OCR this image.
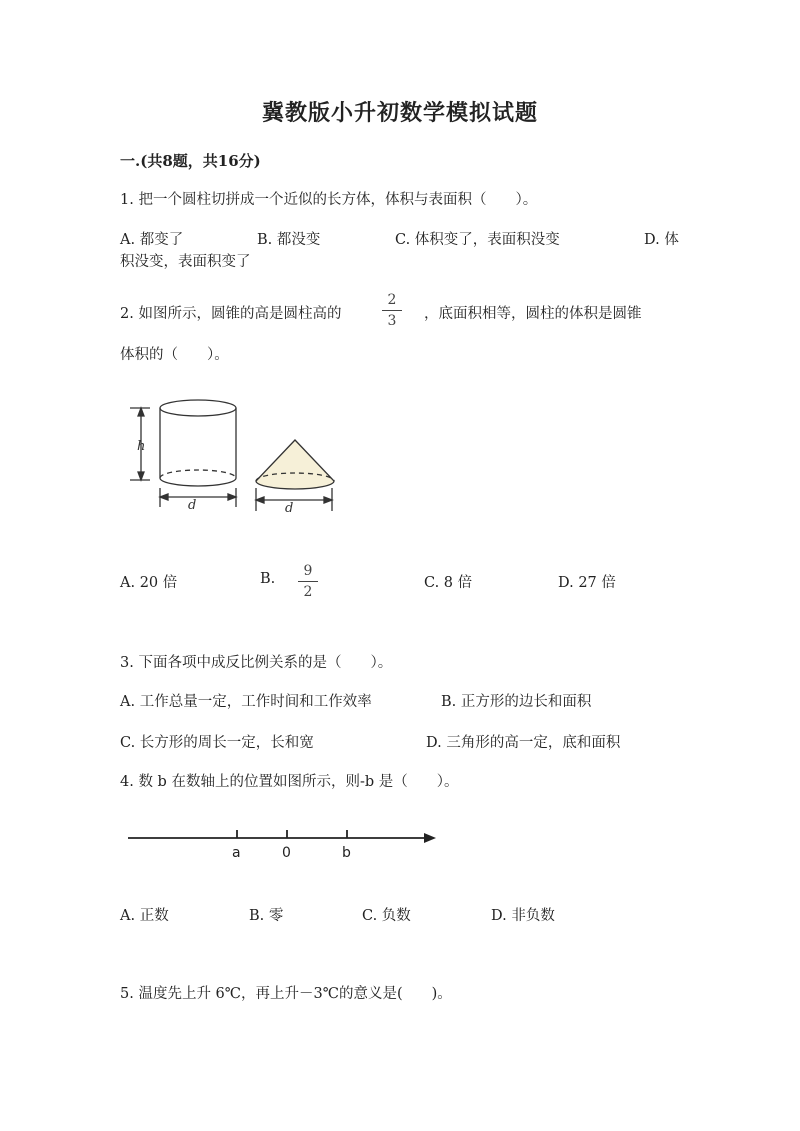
冀教版小升初数学模拟试题
一.(共8题，共16分)
1. 把一个圆柱切拼成一个近似的长方体，体积与表面积（　　）。
A. 都变了	B. 都没变	C. 体积变了，表面积没变	D. 体
积没变，表面积变了
2. 如图所示，圆锥的高是圆柱高的
2
3	，底面积相等，圆柱的体积是圆锥
体积的（　　）。
h
d	d
A. 20 倍	B.	9
2
C. 8 倍	D. 27 倍
3. 下面各项中成反比例关系的是（　　）。
A. 工作总量一定，工作时间和工作效率	B. 正方形的边长和面积
C. 长方形的周长一定，长和宽	D. 三角形的高一定，底和面积
4. 数 b 在数轴上的位置如图所示，则-b 是（　　）。
a	0	b
A. 正数	B. 零	C. 负数	D. 非负数
5. 温度先上升 6℃，再上升－3℃的意义是(　　)。
